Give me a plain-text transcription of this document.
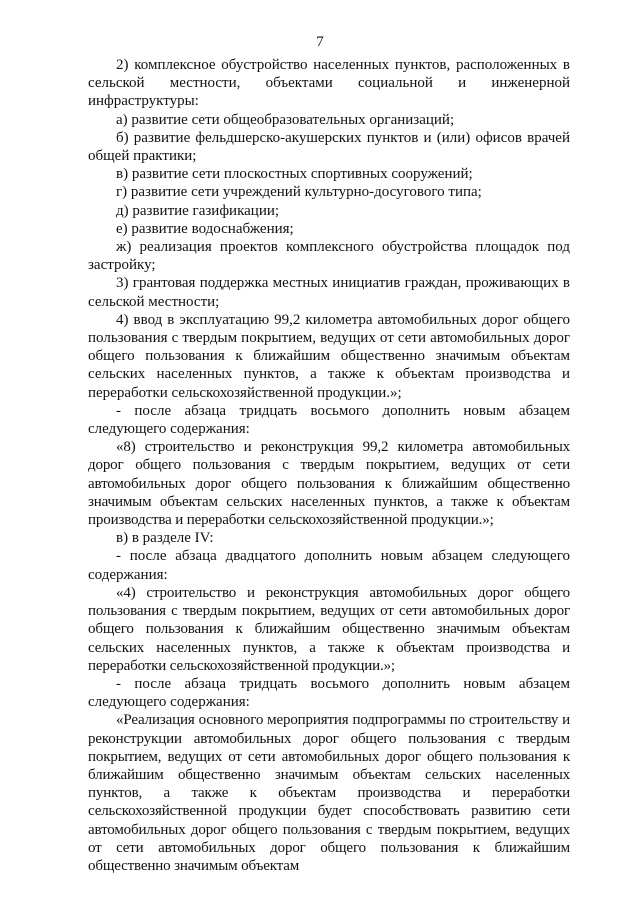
7

2) комплексное обустройство населенных пунктов, расположенных в сельской местности, объектами социальной и инженерной инфраструктуры:

а) развитие сети общеобразовательных организаций;

б) развитие фельдшерско-акушерских пунктов и (или) офисов врачей общей практики;

в) развитие сети плоскостных спортивных сооружений;

г) развитие сети учреждений культурно-досугового типа;

д) развитие газификации;

е) развитие водоснабжения;

ж) реализация проектов комплексного обустройства площадок под застройку;

3) грантовая поддержка местных инициатив граждан, проживающих в сельской местности;

4) ввод в эксплуатацию 99,2 километра автомобильных дорог общего пользования с твердым покрытием, ведущих от сети автомобильных дорог общего пользования к ближайшим общественно значимым объектам сельских населенных пунктов, а также к объектам производства и переработки сельскохозяйственной продукции.»;

- после абзаца тридцать восьмого дополнить новым абзацем следующего содержания:

«8) строительство и реконструкция 99,2 километра автомобильных дорог общего пользования с твердым покрытием, ведущих от сети автомобильных дорог общего пользования к ближайшим общественно значимым объектам сельских населенных пунктов, а также к объектам производства и переработки сельскохозяйственной продукции.»;

в) в разделе IV:

- после абзаца двадцатого дополнить новым абзацем следующего содержания:

«4) строительство и реконструкция автомобильных дорог общего пользования с твердым покрытием, ведущих от сети автомобильных дорог общего пользования к ближайшим общественно значимым объектам сельских населенных пунктов, а также к объектам производства и переработки сельскохозяйственной продукции.»;

- после абзаца тридцать восьмого дополнить новым абзацем следующего содержания:

«Реализация основного мероприятия подпрограммы по строительству и реконструкции автомобильных дорог общего пользования с твердым покрытием, ведущих от сети автомобильных дорог общего пользования к ближайшим общественно значимым объектам сельских населенных пунктов, а также к объектам производства и переработки сельскохозяйственной продукции будет способствовать развитию сети автомобильных дорог общего пользования с твердым покрытием, ведущих от сети автомобильных дорог общего пользования к ближайшим общественно значимым объектам
